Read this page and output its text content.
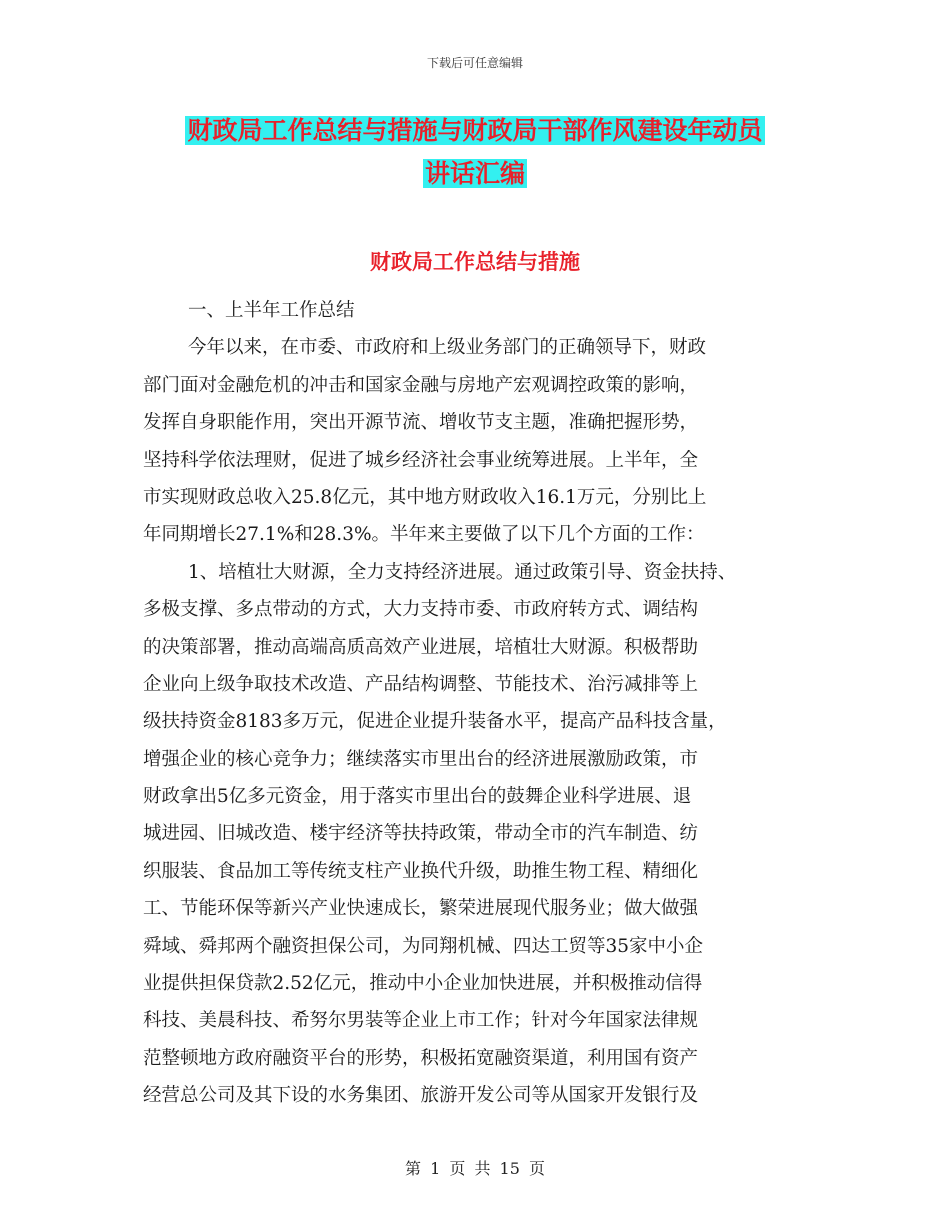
下载后可任意编辑
财政局工作总结与措施与财政局干部作风建设年动员
讲话汇编
财政局工作总结与措施
一、上半年工作总结
今年以来，在市委、市政府和上级业务部门的正确领导下，财政
部门面对金融危机的冲击和国家金融与房地产宏观调控政策的影响，
发挥自身职能作用，突出开源节流、增收节支主题，准确把握形势，
坚持科学依法理财，促进了城乡经济社会事业统筹进展。上半年，全
市实现财政总收入25.8亿元，其中地方财政收入16.1万元，分别比上
年同期增长27.1%和28.3%。半年来主要做了以下几个方面的工作：
1、培植壮大财源，全力支持经济进展。通过政策引导、资金扶持、
多极支撑、多点带动的方式，大力支持市委、市政府转方式、调结构
的决策部署，推动高端高质高效产业进展，培植壮大财源。积极帮助
企业向上级争取技术改造、产品结构调整、节能技术、治污减排等上
级扶持资金8183多万元，促进企业提升装备水平，提高产品科技含量，
增强企业的核心竞争力；继续落实市里出台的经济进展激励政策，市
财政拿出5亿多元资金，用于落实市里出台的鼓舞企业科学进展、退
城进园、旧城改造、楼宇经济等扶持政策，带动全市的汽车制造、纺
织服装、食品加工等传统支柱产业换代升级，助推生物工程、精细化
工、节能环保等新兴产业快速成长，繁荣进展现代服务业；做大做强
舜域、舜邦两个融资担保公司，为同翔机械、四达工贸等35家中小企
业提供担保贷款2.52亿元，推动中小企业加快进展，并积极推动信得
科技、美晨科技、希努尔男装等企业上市工作；针对今年国家法律规
范整顿地方政府融资平台的形势，积极拓宽融资渠道，利用国有资产
经营总公司及其下设的水务集团、旅游开发公司等从国家开发银行及
第 1 页 共 15 页
